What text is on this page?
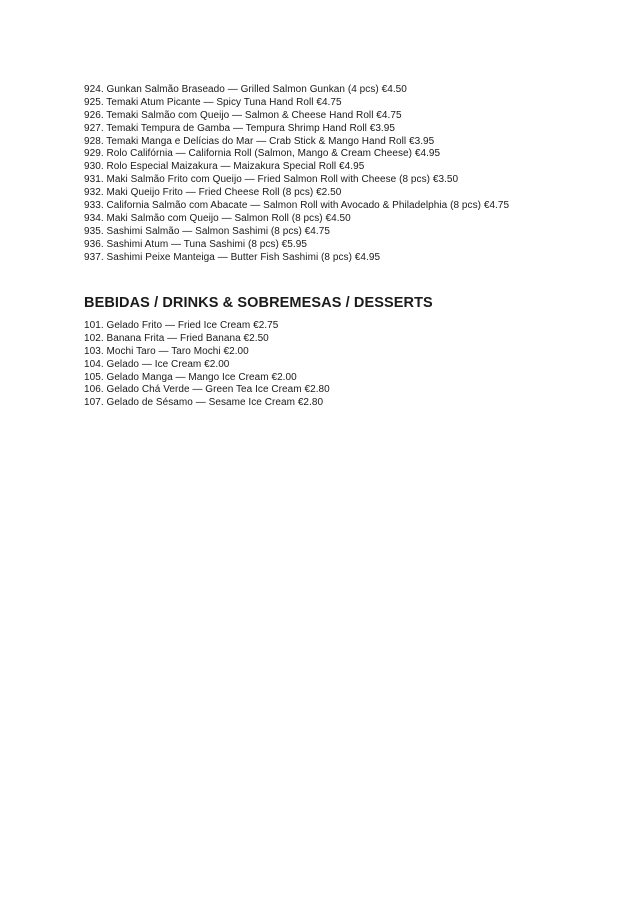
924. Gunkan Salmão Braseado — Grilled Salmon Gunkan (4 pcs) €4.50
925. Temaki Atum Picante — Spicy Tuna Hand Roll €4.75
926. Temaki Salmão com Queijo — Salmon & Cheese Hand Roll €4.75
927. Temaki Tempura de Gamba — Tempura Shrimp Hand Roll €3.95
928. Temaki Manga e Delícias do Mar — Crab Stick & Mango Hand Roll €3.95
929. Rolo Califórnia — California Roll (Salmon, Mango & Cream Cheese) €4.95
930. Rolo Especial Maizakura — Maizakura Special Roll €4.95
931. Maki Salmão Frito com Queijo — Fried Salmon Roll with Cheese (8 pcs) €3.50
932. Maki Queijo Frito — Fried Cheese Roll (8 pcs) €2.50
933. California Salmão com Abacate — Salmon Roll with Avocado & Philadelphia (8 pcs) €4.75
934. Maki Salmão com Queijo — Salmon Roll (8 pcs) €4.50
935. Sashimi Salmão — Salmon Sashimi (8 pcs) €4.75
936. Sashimi Atum — Tuna Sashimi (8 pcs) €5.95
937. Sashimi Peixe Manteiga — Butter Fish Sashimi (8 pcs) €4.95
BEBIDAS / DRINKS & SOBREMESAS / DESSERTS
101. Gelado Frito — Fried Ice Cream €2.75
102. Banana Frita — Fried Banana €2.50
103. Mochi Taro — Taro Mochi €2.00
104. Gelado — Ice Cream €2.00
105. Gelado Manga — Mango Ice Cream €2.00
106. Gelado Chá Verde — Green Tea Ice Cream €2.80
107. Gelado de Sésamo — Sesame Ice Cream €2.80
